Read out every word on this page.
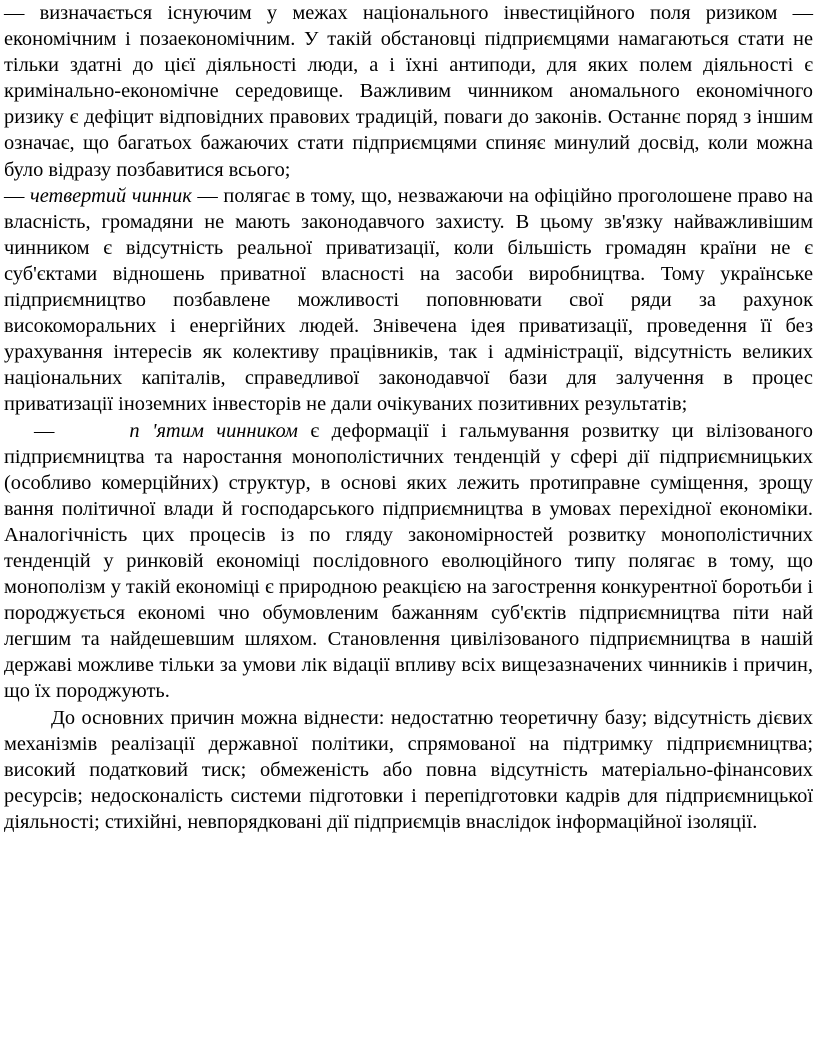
— визначається існуючим у межах національного інвестиційного поля ризиком — економічним і позаекономічним. У такій обстановці підприємцями намагаються стати не тільки здатні до цієї діяльності люди, а і їхні антиподи, для яких полем діяльності є кримінально-економічне середовище. Важливим чинником аномального економічного ризику є дефіцит відповідних правових традицій, поваги до законів. Останнє поряд з іншим означає, що багатьох бажаючих стати підприємцями спиняє минулий досвід, коли можна було відразу позбавитися всього;

— четвертий чинник — полягає в тому, що, незважаючи на офіційно проголошене право на власність, громадяни не мають законодавчого захисту. В цьому зв'язку найважливішим чинником є відсутність реальної приватизації, коли більшість громадян країни не є суб'єктами відношень приватної власності на засоби виробництва. Тому українське підприємництво позбавлене можливості поповнювати свої ряди за рахунок високоморальних і енергійних людей. Знівечена ідея приватизації, проведення її без урахування інтересів як колективу працівників, так і адміністрації, відсутність великих національних капіталів, справедливої законодавчої бази для залучення в процес приватизації іноземних інвесторів не дали очікуваних позитивних результатів;

—      п 'ятим чинником є деформації і гальмування розвитку ци вілізованого підприємництва та наростання монополістичних тенденцій у сфері дії підприємницьких (особливо комерційних) структур, в основі яких лежить протиправне суміщення, зрощу вання політичної влади й господарського підприємництва в умовах перехідної економіки. Аналогічність цих процесів із по гляду закономірностей розвитку монополістичних тенденцій у ринковій економіці послідовного еволюційного типу полягає в тому, що монополізм у такій економіці є природною реакцією на загострення конкурентної боротьби і породжується економі чно обумовленим бажанням суб'єктів підприємництва піти най легшим та найдешевшим шляхом. Становлення цивілізованого підприємництва в нашій державі можливе тільки за умови лік відації впливу всіх вищезазначених чинників і причин, що їх породжують.

До основних причин можна віднести: недостатню теоретичну базу; відсутність дієвих механізмів реалізації державної політики, спрямованої на підтримку підприємництва; високий податковий тиск; обмеженість або повна відсутність матеріально-фінансових ресурсів; недосконалість системи підготовки і перепідготовки кадрів для підприємницької діяльності; стихійні, невпорядковані дії підприємців внаслідок інформаційної ізоляції.
